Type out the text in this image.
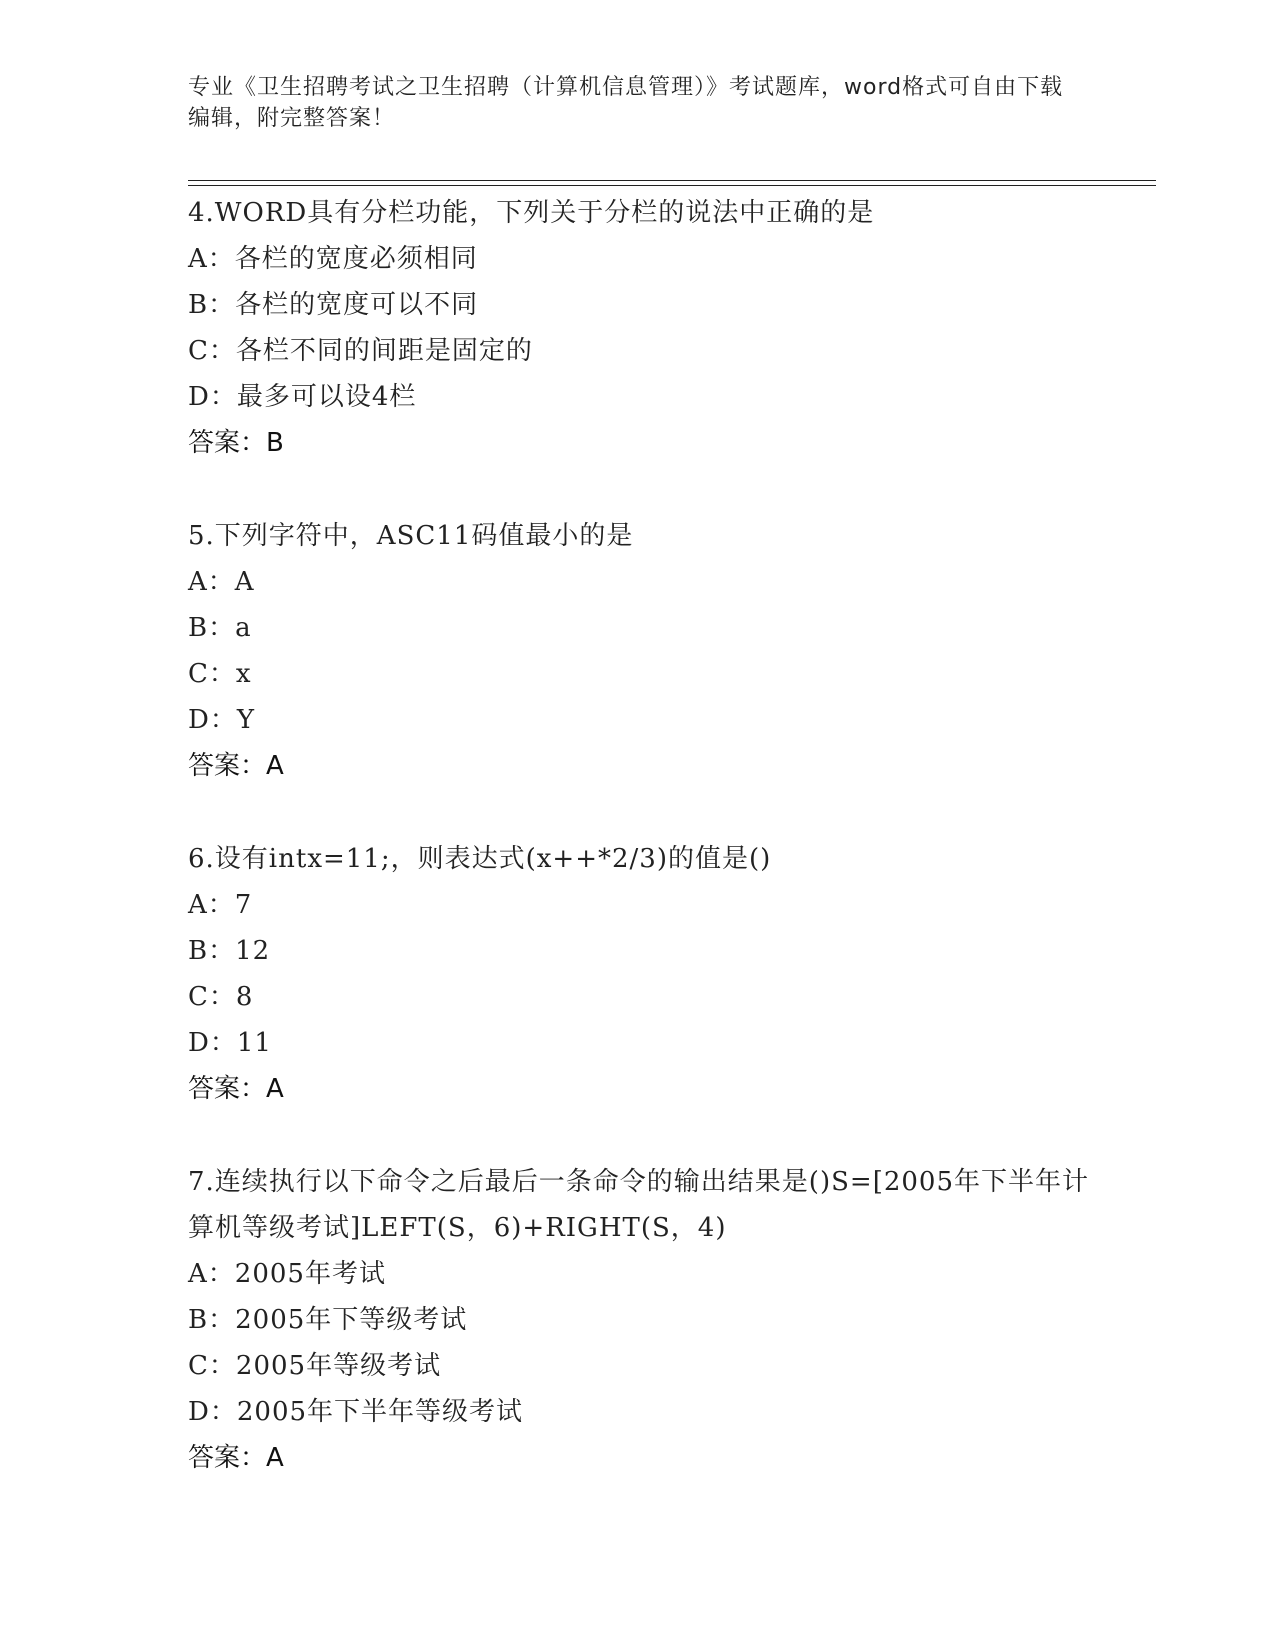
专业《卫生招聘考试之卫生招聘（计算机信息管理）》考试题库，word格式可自由下载编辑，附完整答案！
4.WORD具有分栏功能，下列关于分栏的说法中正确的是
A：各栏的宽度必须相同
B：各栏的宽度可以不同
C：各栏不同的间距是固定的
D：最多可以设4栏
答案：B
5.下列字符中，ASC11码值最小的是
A：A
B：a
C：x
D：Y
答案：A
6.设有intx=11;，则表达式(x++*2/3)的值是()
A：7
B：12
C：8
D：11
答案：A
7.连续执行以下命令之后最后一条命令的输出结果是()S=[2005年下半年计算机等级考试]LEFT(S，6)+RIGHT(S，4)
A：2005年考试
B：2005年下等级考试
C：2005年等级考试
D：2005年下半年等级考试
答案：A
